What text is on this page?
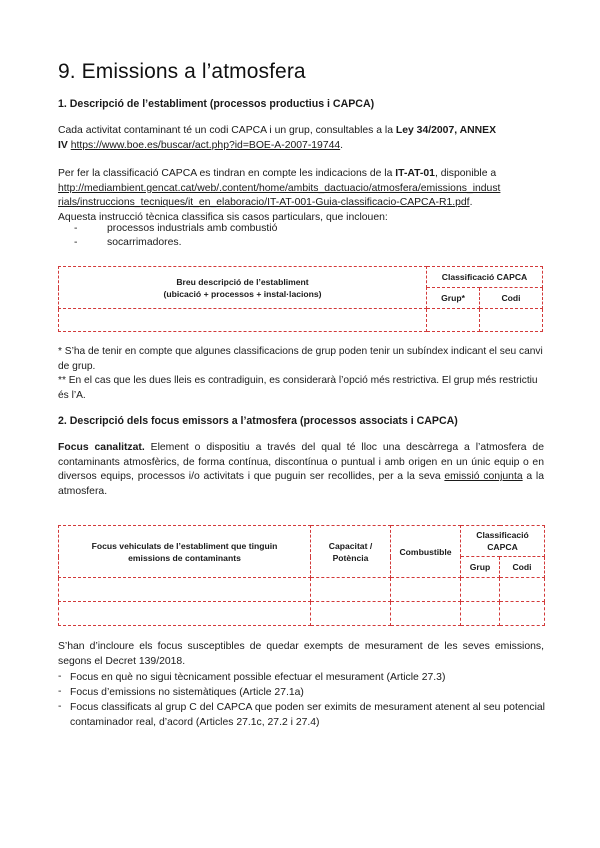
9. Emissions a l’atmosfera
1. Descripció de l’establiment (processos productius i CAPCA)

Cada activitat contaminant té un codi CAPCA i un grup, consultables a la Ley 34/2007, ANNEX
IV https://www.boe.es/buscar/act.php?id=BOE-A-2007-19744.

Per fer la classificació CAPCA es tindran en compte les indicacions de la IT-AT-01, disponible a
http://mediambient.gencat.cat/web/.content/home/ambits_dactuacio/atmosfera/emissions_indust
rials/instruccions_tecniques/it_en_elaboracio/IT-AT-001-Guia-classificacio-CAPCA-R1.pdf.
Aquesta instrucció tècnica classifica sis casos particulars, que inclouen:

-	processos industrials amb combustió
-	socarrimadores.
Breu descripció de l’establiment
(ubicació + processos + instal·lacions)	Classificació CAPCA	
	Grup*	Codi

* S’ha de tenir en compte que algunes classificacions de grup poden tenir un subíndex indicant el seu canvi de grup.

** En el cas que les dues lleis es contradiguin, es considerarà l’opció més restrictiva. El grup més restrictiu és l’A.

2. Descripció dels focus emissors a l’atmosfera (processos associats i CAPCA)

Focus canalitzat. Element o dispositiu a través del qual té lloc una descàrrega a l’atmosfera de contaminants atmosfèrics, de forma contínua, discontínua o puntual i amb origen en un únic equip o en diversos equips, processos i/o activitats i que puguin ser recollides, per a la seva emissió conjunta a la atmosfera.

Focus vehiculats de l’establiment que tinguin
emissions de contaminants	Capacitat /
Potència	Combustible	Classificació
CAPCA	
			Grup	Codi

S’han d’incloure els focus susceptibles de quedar exempts de mesurament de les seves emissions, segons el Decret 139/2018.

- Focus en què no sigui tècnicament possible efectuar el mesurament (Article 27.3)
- Focus d’emissions no sistemàtiques (Article 27.1a)
- Focus classificats al grup C del CAPCA que poden ser eximits de mesurament atenent al seu potencial contaminador real, d’acord (Articles 27.1c, 27.2 i 27.4)
